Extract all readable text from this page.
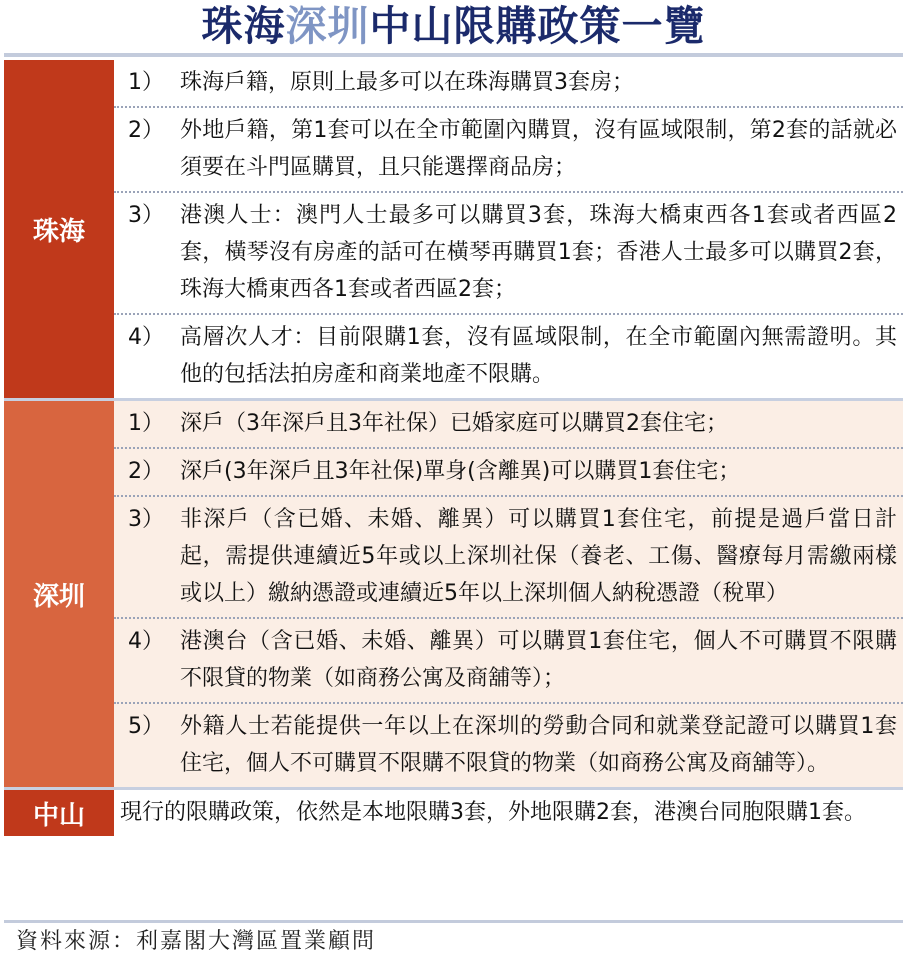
珠海深圳中山限購政策一覽
珠海
1） 珠海戶籍，原則上最多可以在珠海購買3套房；
2） 外地戶籍，第1套可以在全市範圍內購買，沒有區域限制，第2套的話就必須要在斗門區購買，且只能選擇商品房；
3） 港澳人士：澳門人士最多可以購買3套，珠海大橋東西各1套或者西區2套，橫琴沒有房產的話可在橫琴再購買1套；香港人士最多可以購買2套，珠海大橋東西各1套或者西區2套；
4） 高層次人才：目前限購1套，沒有區域限制，在全市範圍內無需證明。其他的包括法拍房產和商業地產不限購。
深圳
1） 深戶（3年深戶且3年社保）已婚家庭可以購買2套住宅；
2） 深戶(3年深戶且3年社保)單身(含離異)可以購買1套住宅；
3） 非深戶（含已婚、未婚、離異）可以購買1套住宅，前提是過戶當日計起，需提供連續近5年或以上深圳社保（養老、工傷、醫療每月需繳兩樣或以上）繳納憑證或連續近5年以上深圳個人納稅憑證（稅單）
4） 港澳台（含已婚、未婚、離異）可以購買1套住宅，個人不可購買不限購不限貸的物業（如商務公寓及商舖等）；
5） 外籍人士若能提供一年以上在深圳的勞動合同和就業登記證可以購買1套住宅，個人不可購買不限購不限貸的物業（如商務公寓及商舖等）。
中山	現行的限購政策，依然是本地限購3套，外地限購2套，港澳台同胞限購1套。
資料來源：利嘉閣大灣區置業顧問
